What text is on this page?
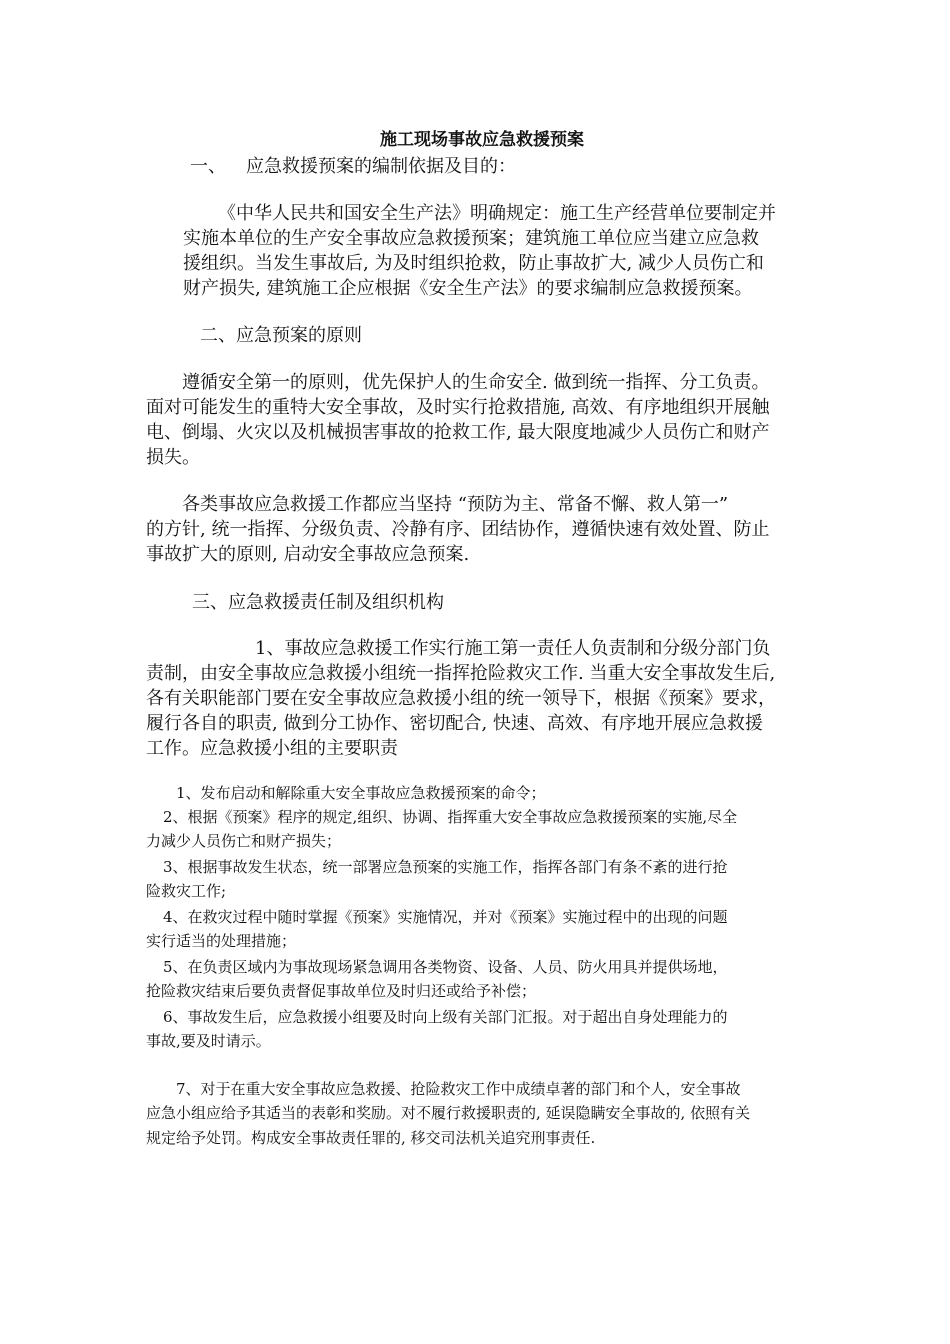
施工现场事故应急救援预案
一、 应急救援预案的编制依据及目的：
《中华人民共和国安全生产法》明确规定：施工生产经营单位要制定并
实施本单位的生产安全事故应急救援预案；建筑施工单位应当建立应急救
援组织。当发生事故后, 为及时组织抢救，防止事故扩大, 减少人员伤亡和
财产损失, 建筑施工企应根据《安全生产法》的要求编制应急救援预案。
二、应急预案的原则
遵循安全第一的原则，优先保护人的生命安全. 做到统一指挥、分工负责。
面对可能发生的重特大安全事故，及时实行抢救措施, 高效、有序地组织开展触
电、倒塌、火灾以及机械损害事故的抢救工作, 最大限度地减少人员伤亡和财产
损失。
各类事故应急救援工作都应当坚持 “预防为主、常备不懈、救人第一”
的方针, 统一指挥、分级负责、冷静有序、团结协作，遵循快速有效处置、防止
事故扩大的原则, 启动安全事故应急预案.
三、应急救援责任制及组织机构
1、事故应急救援工作实行施工第一责任人负责制和分级分部门负
责制，由安全事故应急救援小组统一指挥抢险救灾工作. 当重大安全事故发生后,
各有关职能部门要在安全事故应急救援小组的统一领导下，根据《预案》要求，
履行各自的职责, 做到分工协作、密切配合, 快速、高效、有序地开展应急救援
工作。应急救援小组的主要职责
1、发布启动和解除重大安全事故应急救援预案的命令；
2、根据《预案》程序的规定,组织、协调、指挥重大安全事故应急救援预案的实施,尽全
力减少人员伤亡和财产损失；
3、根据事故发生状态，统一部署应急预案的实施工作，指挥各部门有条不紊的进行抢
险救灾工作;
4、在救灾过程中随时掌握《预案》实施情况，并对《预案》实施过程中的出现的问题
实行适当的处理措施；
5、在负责区域内为事故现场紧急调用各类物资、设备、人员、防火用具并提供场地，
抢险救灾结束后要负责督促事故单位及时归还或给予补偿；
6、事故发生后，应急救援小组要及时向上级有关部门汇报。对于超出自身处理能力的
事故,要及时请示。
7、对于在重大安全事故应急救援、抢险救灾工作中成绩卓著的部门和个人，安全事故
应急小组应给予其适当的表彰和奖励。对不履行救援职责的, 延误隐瞒安全事故的, 依照有关
规定给予处罚。构成安全事故责任罪的, 移交司法机关追究刑事责任.
